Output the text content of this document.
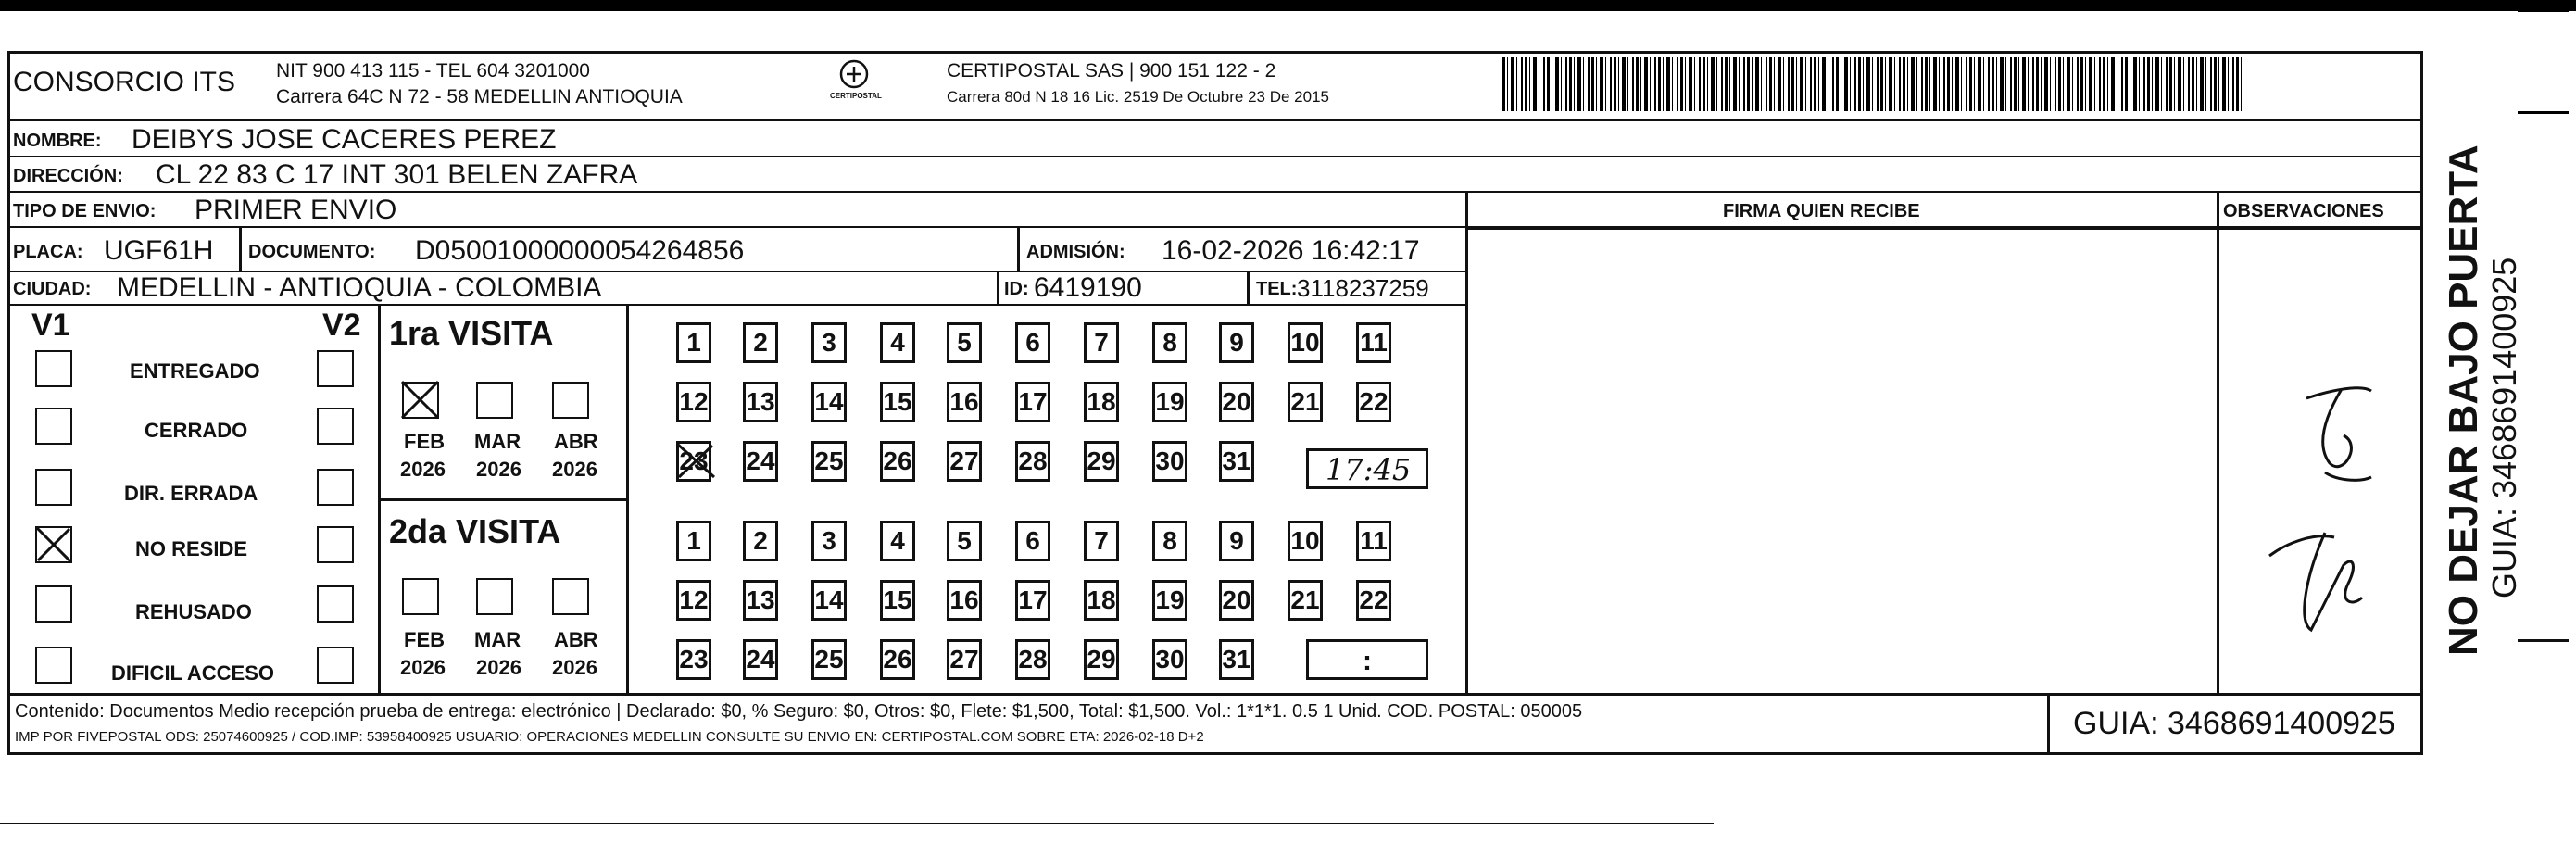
CONSORCIO ITS NIT 900 413 115 - TEL 604 3201000
Carrera 64C N 72 - 58 MEDELLIN ANTIOQUIA	CERTIPOSTAL
CERTIPOSTAL SAS | 900 151 122 - 2
Carrera 80d N 18 16 Lic. 2519 De Octubre 23 De 2015
NOMBRE: DEIBYS JOSE CACERES PEREZ
DIRECCIÓN: CL 22 83 C 17 INT 301 BELEN ZAFRA
TIPO DE ENVIO: PRIMER ENVIO	FIRMA QUIEN RECIBE	OBSERVACIONES
PLACA: UGF61H DOCUMENTO: D05001000000054264856	ADMISIÓN: 16-02-2026 16:42:17
CIUDAD: MEDELLIN - ANTIOQUIA - COLOMBIA	ID: 6419190	TEL: 3118237259
V1	V2
ENTREGADO
CERRADO
DIR. ERRADA
NO RESIDE
REHUSADO
DIFICIL ACCESO
1ra VISITA
2da VISITA
FEB MAR ABR
2026 2026 2026
FEB MAR ABR
2026 2026 2026
1	2	3	4	5	6	7	8	9	10 11
12 13 14 15 16 17 18 19 20 21 22
23 24 25 26 27 28 29 30 31
1	2	3	4	5	6	7	8	9	10 11
12 13 14 15 16 17 18 19 20 21 22
23 24 25 26 27 28 29 30 31
17:45
:
Contenido: Documentos Medio recepción prueba de entrega: electrónico | Declarado: $0, % Seguro: $0, Otros: $0, Flete: $1,500, Total: $1,500. Vol.: 1*1*1. 0.5 1 Unid. COD. POSTAL: 050005
IMP POR FIVEPOSTAL ODS: 25074600925 / COD.IMP: 53958400925 USUARIO: OPERACIONES MEDELLIN CONSULTE SU ENVIO EN: CERTIPOSTAL.COM SOBRE ETA: 2026-02-18 D+2	GUIA: 3468691400925
NO DEJAR BAJO PUERTA GUIA: 3468691400925
